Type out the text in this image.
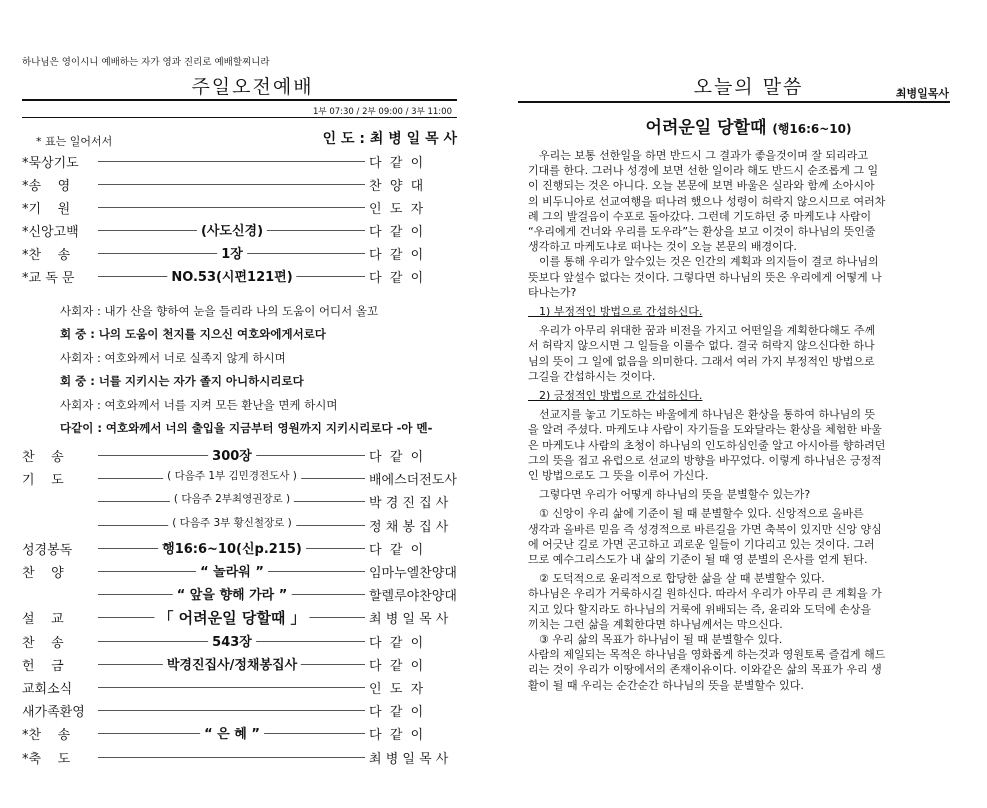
하나님은 영이시니 예배하는 자가 영과 진리로 예배할찌니라
주일오전예배
1부 07:30 / 2부 09:00 / 3부 11:00
* 표는 일어서서	인 도 : 최 병 일 목 사
*묵상기도	다  같  이
*송    영	찬  양  대
*기    원	인  도  자
*신앙고백	(사도신경)	다  같  이
*찬    송	1장	다  같  이
*교 독 문	NO.53(시편121편)	다  같  이
사회자 : 내가 산을 향하여 눈을 들리라 나의 도움이 어디서 올꼬
회 중 : 나의 도움이 천지를 지으신 여호와에게서로다
사회자 : 여호와께서 너로 실족지 않게 하시며
회 중 : 너를 지키시는 자가 졸지 아니하시리로다
사회자 : 여호와께서 너를 지켜 모든 환난을 면케 하시며
다같이 : 여호와께서 너의 출입을 지금부터 영원까지 지키시리로다 -아 멘-
찬    송	300장	다  같  이
기    도	( 다음주 1부 김민경전도사 )	배에스더전도사
( 다음주 2부최영권장로 )	박 경 진 집 사
( 다음주 3부 황신철장로 )	정 채 봉 집 사
성경봉독	행16:6~10(신p.215)	다  같  이
찬    양	“ 놀라워 ”	임마누엘찬양대
“ 앞을 향해 가라 ”	할렐루야찬양대
설    교	「 어려운일 당할때 」	최 병 일 목 사
찬    송	543장	다  같  이
헌    금	박경진집사/정채봉집사	다  같  이
교회소식	인  도  자
새가족환영	다  같  이
*찬    송	“ 은 혜 ”	다  같  이
*축    도	최 병 일 목 사
오늘의 말씀	최병일목사
어려운일 당할때 (행16:6~10)
　우리는 보통 선한일을 하면 반드시 그 결과가 좋을것이며 잘 되리라고
기대를 한다. 그러나 성경에 보면 선한 일이라 해도 반드시 순조롭게 그 일
이 진행되는 것은 아니다. 오늘 본문에 보면 바울은 실라와 함께 소아시아
의 비두니아로 선교여행을 떠나려 했으나 성령이 허락지 않으시므로 여러차
례 그의 발걸음이 수포로 돌아갔다. 그런데 기도하던 중 마케도냐 사람이
“우리에게 건너와 우리를 도우라”는 환상을 보고 이것이 하나님의 뜻인줄
생각하고 마케도냐로 떠나는 것이 오늘 본문의 배경이다.
　이를 통해 우리가 알수있는 것은 인간의 계획과 의지들이 결코 하나님의
뜻보다 앞설수 없다는 것이다. 그렇다면 하나님의 뜻은 우리에게 어떻게 나
타나는가?
　1) 부정적인 방법으로 간섭하신다.
　우리가 아무리 위대한 꿈과 비전을 가지고 어떤일을 계획한다해도 주께
서 허락지 않으시면 그 일들을 이룰수 없다. 결국 허락지 않으신다한 하나
님의 뜻이 그 일에 없음을 의미한다. 그래서 여러 가지 부정적인 방법으로
그길을 간섭하시는 것이다.
　2) 긍정적인 방법으로 간섭하신다.
　선교지를 놓고 기도하는 바울에게 하나님은 환상을 통하여 하나님의 뜻
을 알려 주셨다. 마케도냐 사람이 자기들을 도와달라는 환상을 체험한 바울
은 마케도냐 사람의 초청이 하나님의 인도하심인줄 알고 아시아를 향하려던
그의 뜻을 접고 유럽으로 선교의 방향을 바꾸었다. 이렇게 하나님은 긍정적
인 방법으로도 그 뜻을 이루어 가신다.
　그렇다면 우리가 어떻게 하나님의 뜻을 분별할수 있는가?
　① 신앙이 우리 삶에 기준이 될 때 분별할수 있다. 신앙적으로 올바른
생각과 올바른 믿음 즉 성경적으로 바른길을 가면 축복이 있지만 신앙 양심
에 어긋난 길로 가면 곤고하고 괴로운 일들이 기다리고 있는 것이다. 그러
므로 예수그리스도가 내 삶의 기준이 될 때 영 분별의 은사를 얻게 된다.
　② 도덕적으로 윤리적으로 합당한 삶을 살 때 분별할수 있다.
하나님은 우리가 거룩하시길 원하신다. 따라서 우리가 아무리 큰 계획을 가
지고 있다 할지라도 하나님의 거룩에 위배되는 즉, 윤리와 도덕에 손상을
끼치는 그런 삶을 계획한다면 하나님께서는 막으신다.
　③ 우리 삶의 목표가 하나님이 될 때 분별할수 있다.
사람의 제일되는 목적은 하나님을 영화롭게 하는것과 영원토록 즐겁게 해드
리는 것이 우리가 이땅에서의 존재이유이다. 이와같은 삶의 목표가 우리 생
활이 될 때 우리는 순간순간 하나님의 뜻을 분별할수 있다.
